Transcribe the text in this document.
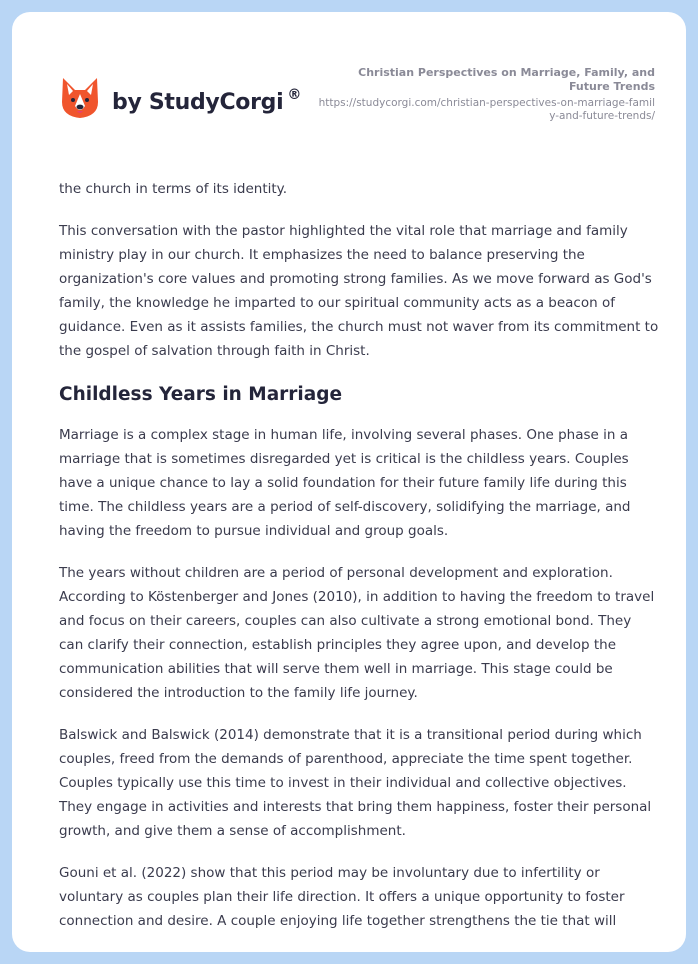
by StudyCorgi ®
Christian Perspectives on Marriage, Family, and Future Trends
https://studycorgi.com/christian-perspectives-on-marriage-family-and-future-trends/

the church in terms of its identity.

This conversation with the pastor highlighted the vital role that marriage and family ministry play in our church. It emphasizes the need to balance preserving the organization's core values and promoting strong families. As we move forward as God's family, the knowledge he imparted to our spiritual community acts as a beacon of guidance. Even as it assists families, the church must not waver from its commitment to the gospel of salvation through faith in Christ.

Childless Years in Marriage

Marriage is a complex stage in human life, involving several phases. One phase in a marriage that is sometimes disregarded yet is critical is the childless years. Couples have a unique chance to lay a solid foundation for their future family life during this time. The childless years are a period of self-discovery, solidifying the marriage, and having the freedom to pursue individual and group goals.

The years without children are a period of personal development and exploration. According to Köstenberger and Jones (2010), in addition to having the freedom to travel and focus on their careers, couples can also cultivate a strong emotional bond. They can clarify their connection, establish principles they agree upon, and develop the communication abilities that will serve them well in marriage. This stage could be considered the introduction to the family life journey.

Balswick and Balswick (2014) demonstrate that it is a transitional period during which couples, freed from the demands of parenthood, appreciate the time spent together. Couples typically use this time to invest in their individual and collective objectives. They engage in activities and interests that bring them happiness, foster their personal growth, and give them a sense of accomplishment.

Gouni et al. (2022) show that this period may be involuntary due to infertility or voluntary as couples plan their life direction. It offers a unique opportunity to foster connection and desire. A couple enjoying life together strengthens the tie that will
